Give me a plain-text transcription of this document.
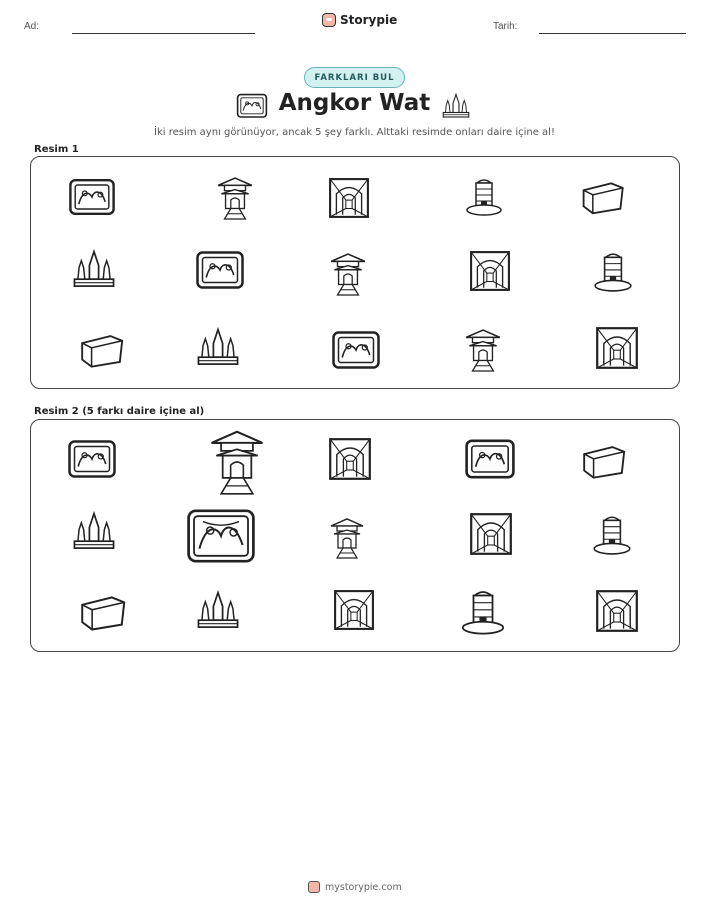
Ad:	Storypie	Tarih:
FARKLARI BUL
Angkor Wat
İki resim aynı görünüyor, ancak 5 şey farklı. Alttaki resimde onları daire içine al!
Resim 1
Resim 2 (5 farkı daire içine al)
mystorypie.com
